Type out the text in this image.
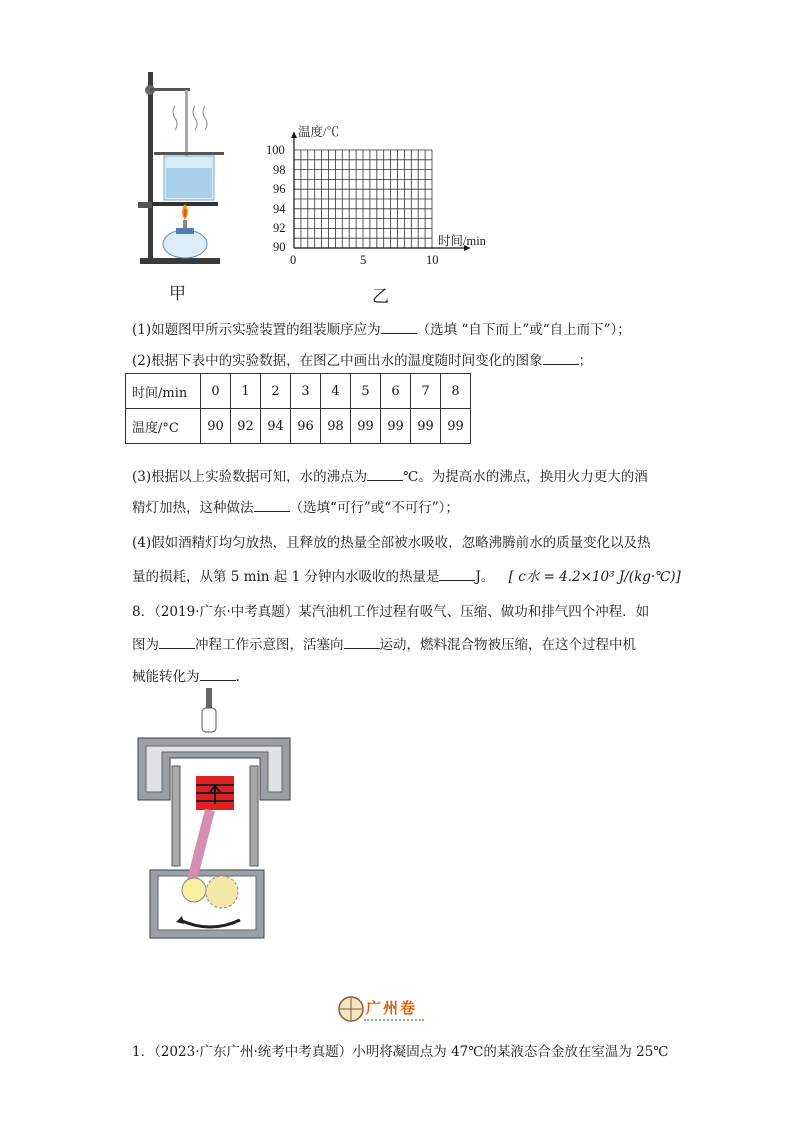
甲
温度/℃
时间/min
100
98
96
94
92
90
0	5	10
乙
(1)如题图甲所示实验装置的组装顺序应为	（选填 “自下而上”或“自上而下”）；
(2)根据下表中的实验数据，在图乙中画出水的温度随时间变化的图象	；
时间/min	0	1	2	3	4	5	6	7	8
温度/°C	90	92	94	96	98	99	99	99	99
(3)根据以上实验数据可知，水的沸点为	℃。为提高水的沸点，换用火力更大的酒
精灯加热，这种做法	（选填“可行”或“不可行”）；
(4)假如酒精灯均匀放热，且释放的热量全部被水吸收，忽略沸腾前水的质量变化以及热
量的损耗，从第 5 min 起 1 分钟内水吸收的热量是	J。 [ c水 = 4.2×10³ J/(kg·℃)]
8．（2019·广东·中考真题）某汽油机工作过程有吸气、压缩、做功和排气四个冲程．如
图为	冲程工作示意图，活塞向	运动，燃料混合物被压缩，在这个过程中机
械能转化为	.
广州卷
1．（2023·广东广州·统考中考真题）小明将凝固点为 47℃的某液态合金放在室温为 25℃
